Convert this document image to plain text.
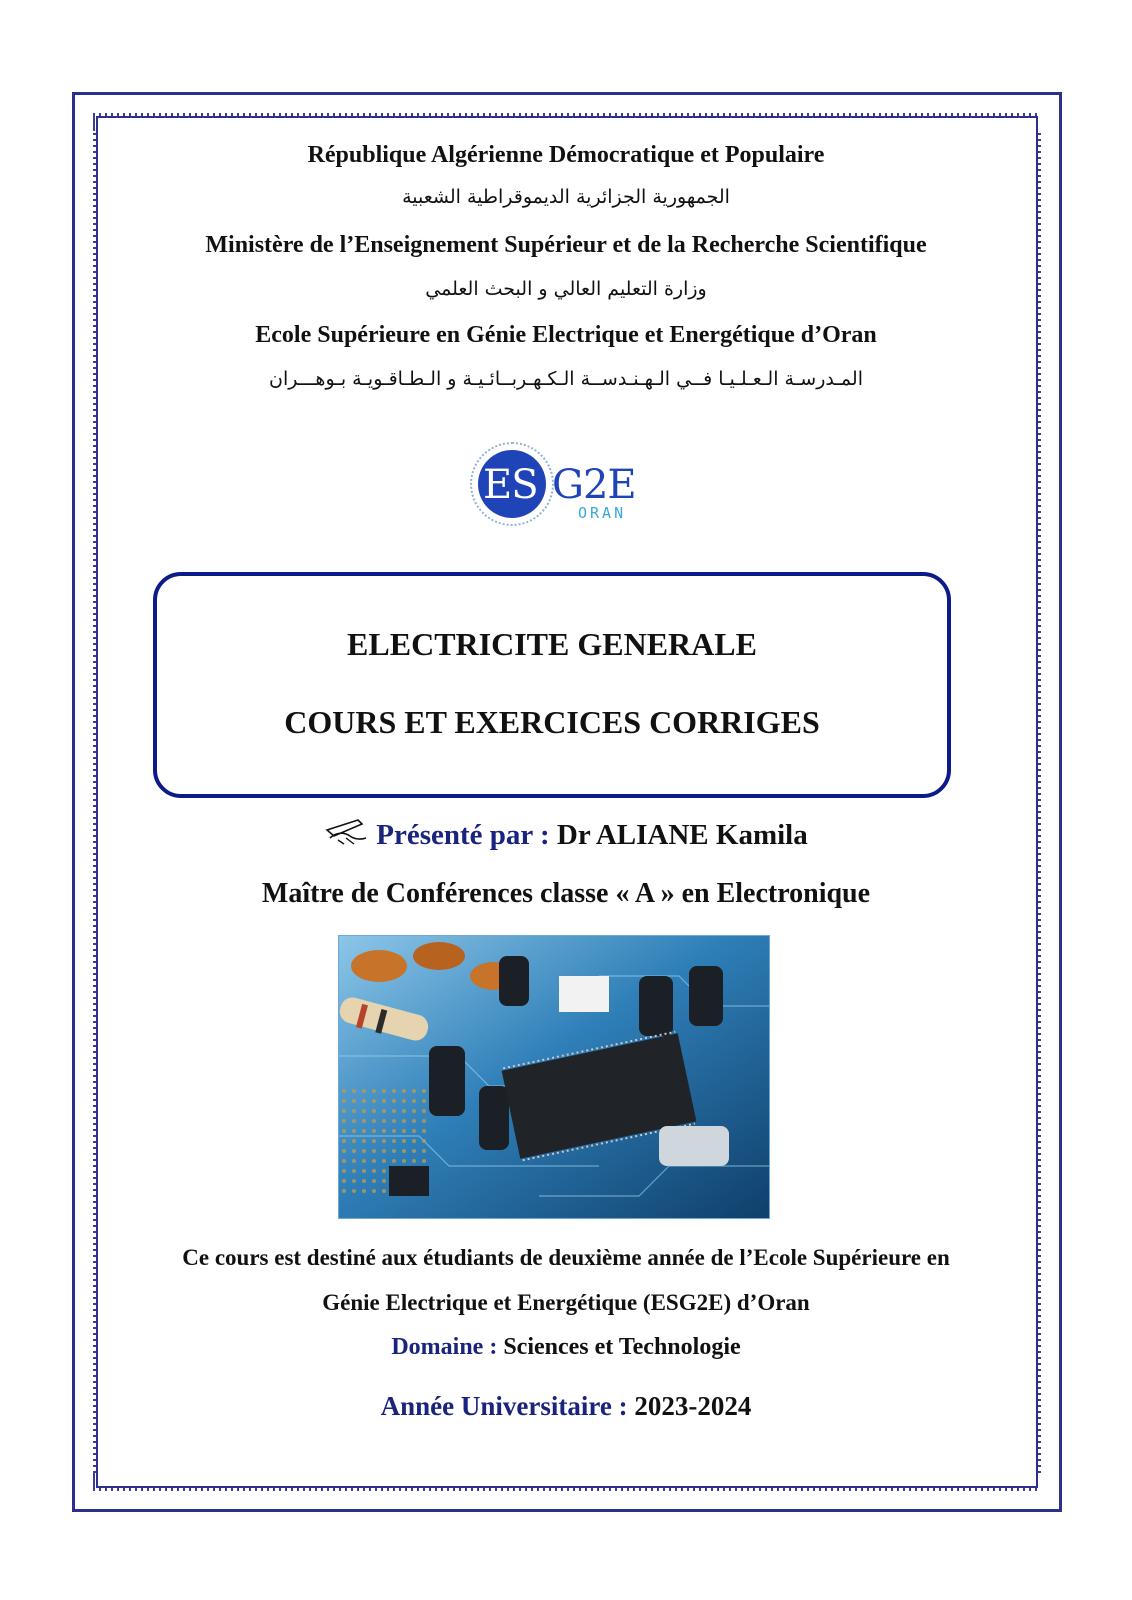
République Algérienne Démocratique et Populaire
الجمهورية الجزائرية الديموقراطية الشعبية
Ministère de l’Enseignement Supérieur et de la Recherche Scientifique
وزارة التعليم العالي و البحث العلمي
Ecole Supérieure en Génie Electrique et Energétique d’Oran
المـدرسـة الـعـلـيـا فــي الـهـنـدســة الـكـهـربــائـيـة و الـطـاقـويـة بـوهـــران
ES G2E
ORAN
ELECTRICITE GENERALE
COURS ET EXERCICES CORRIGES
Présenté par : Dr ALIANE Kamila
Maître de Conférences classe « A » en Electronique
Ce cours est destiné aux étudiants de deuxième année de l’Ecole Supérieure en
Génie Electrique et Energétique (ESG2E) d’Oran
Domaine : Sciences et Technologie
Année Universitaire : 2023-2024
